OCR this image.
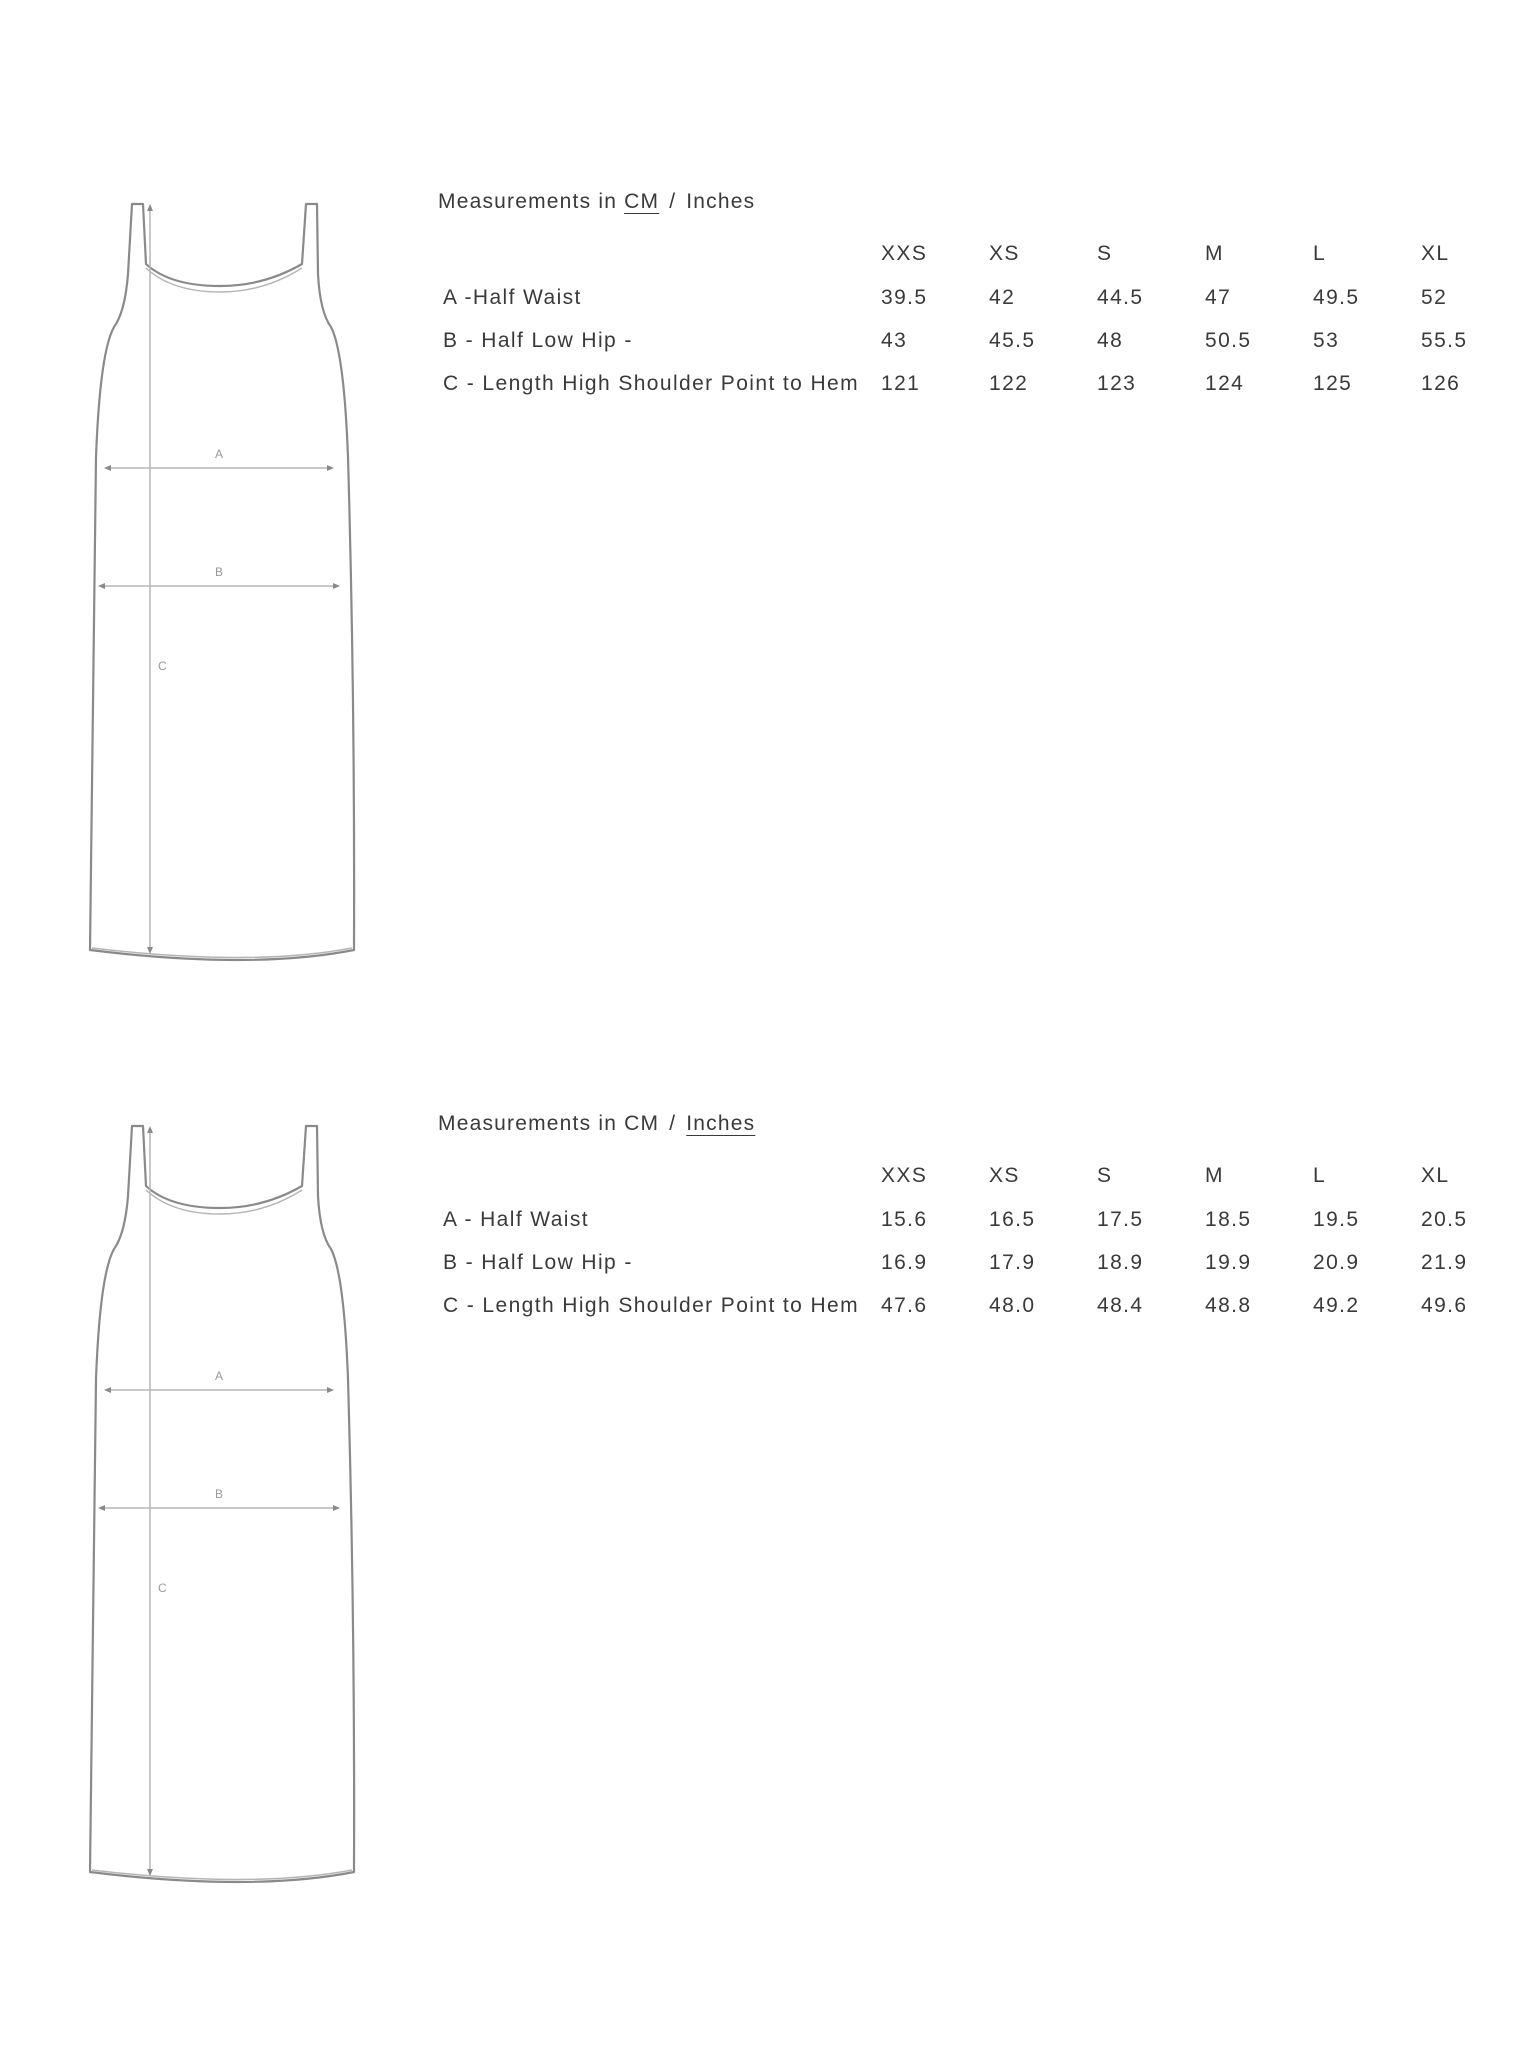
A
B
C
Measurements in CM / Inches
	XXS	XS	S	M	L	XL
A -Half Waist	39.5	42	44.5	47	49.5	52
B - Half Low Hip -	43	45.5	48	50.5	53	55.5
C - Length High Shoulder Point to Hem	121	122	123	124	125	126
A
B
C
Measurements in CM / Inches
	XXS	XS	S	M	L	XL
A - Half Waist	15.6	16.5	17.5	18.5	19.5	20.5
B - Half Low Hip -	16.9	17.9	18.9	19.9	20.9	21.9
C - Length High Shoulder Point to Hem	47.6	48.0	48.4	48.8	49.2	49.6
